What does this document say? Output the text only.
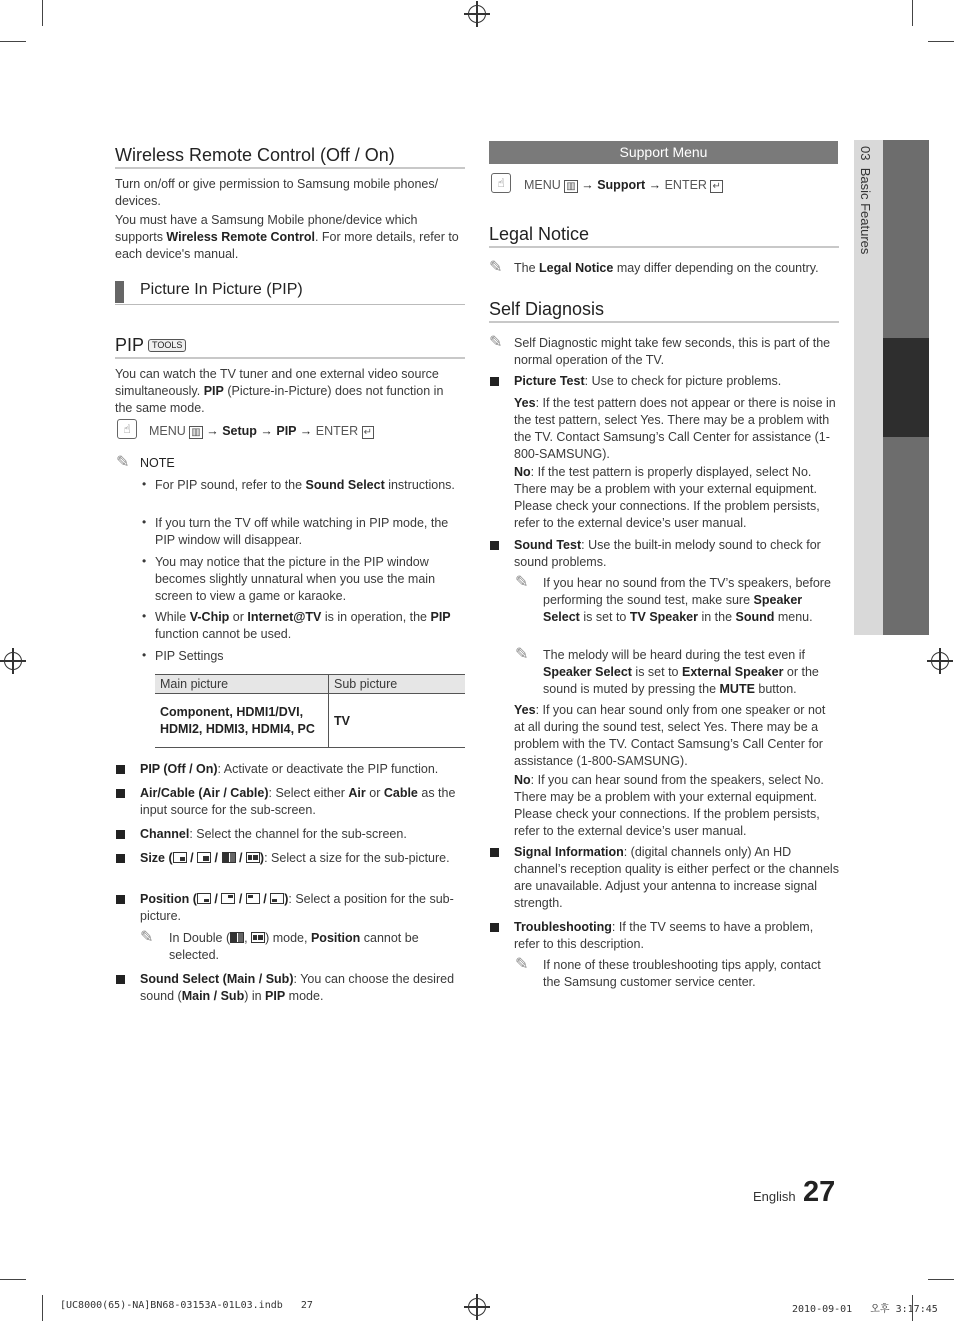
03  Basic Features
Wireless Remote Control (Off / On)
Turn on/off or give permission to Samsung mobile phones/ devices.
You must have a Samsung Mobile phone/device which supports Wireless Remote Control. For more details, refer to each device's manual.
Picture In Picture (PIP)
PIP TOOLS
You can watch the TV tuner and one external video source simultaneously. PIP (Picture-in-Picture) does not function in the same mode.
☝	MENU ▥ → Setup → PIP → ENTER ↵
✎ NOTE
• For PIP sound, refer to the Sound Select instructions.
• If you turn the TV off while watching in PIP mode, the PIP window will disappear.
• You may notice that the picture in the PIP window becomes slightly unnatural when you use the main screen to view a game or karaoke.
• While V-Chip or Internet@TV is in operation, the PIP function cannot be used.
• PIP Settings
Main picture	Sub picture
Component, HDMI1/DVI, HDMI2, HDMI3, HDMI4, PC	TV
PIP (Off / On): Activate or deactivate the PIP function.
Air/Cable (Air / Cable): Select either Air or Cable as the input source for the sub-screen.
Channel: Select the channel for the sub-screen.
Size (
/
/
/
): Select a size for the sub-picture.
Position (
/
/
/
): Select a position for the sub-picture.
✎ In Double ( ,
) mode, Position cannot be selected.
Sound Select (Main / Sub): You can choose the desired sound (Main / Sub) in PIP mode.
Support Menu
☝	MENU ▥ → Support → ENTER ↵
Legal Notice
✎ The Legal Notice may differ depending on the country.
Self Diagnosis
✎ Self Diagnostic might take few seconds, this is part of the normal operation of the TV.
Picture Test: Use to check for picture problems.
Yes: If the test pattern does not appear or there is noise in the test pattern, select Yes. There may be a problem with the TV. Contact Samsung’s Call Center for assistance (1-800-SAMSUNG).
No: If the test pattern is properly displayed, select No. There may be a problem with your external equipment. Please check your connections. If the problem persists, refer to the external device’s user manual.
Sound Test: Use the built-in melody sound to check for sound problems.
✎ If you hear no sound from the TV’s speakers, before performing the sound test, make sure Speaker Select is set to TV Speaker in the Sound menu.
✎ The melody will be heard during the test even if Speaker Select is set to External Speaker or the sound is muted by pressing the MUTE button.
Yes: If you can hear sound only from one speaker or not at all during the sound test, select Yes. There may be a problem with the TV. Contact Samsung’s Call Center for assistance (1-800-SAMSUNG).
No: If you can hear sound from the speakers, select No. There may be a problem with your external equipment. Please check your connections. If the problem persists, refer to the external device’s user manual.
Signal Information: (digital channels only) An HD channel’s reception quality is either perfect or the channels are unavailable. Adjust your antenna to increase signal strength.
Troubleshooting: If the TV seems to have a problem, refer to this description.
✎ If none of these troubleshooting tips apply, contact the Samsung customer service center.
English 27
[UC8000(65)-NA]BN68-03153A-01L03.indb   27	2010-09-01   오후 3:17:45
